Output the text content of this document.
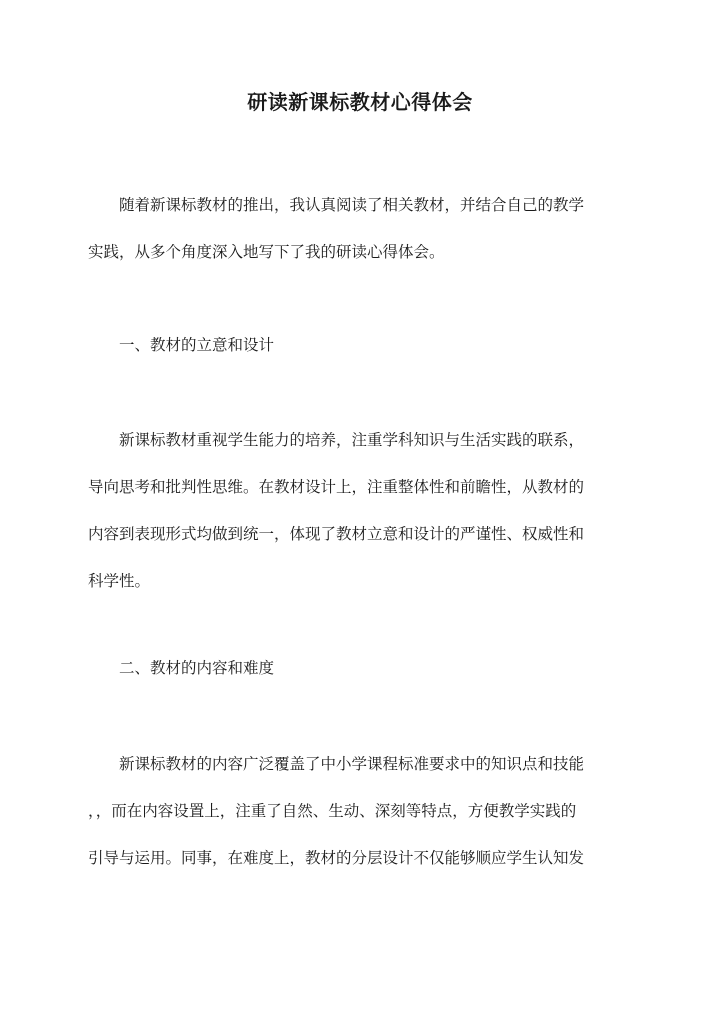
研读新课标教材心得体会
随着新课标教材的推出，我认真阅读了相关教材，并结合自己的教学
实践，从多个角度深入地写下了我的研读心得体会。
一、教材的立意和设计
新课标教材重视学生能力的培养，注重学科知识与生活实践的联系，
导向思考和批判性思维。在教材设计上，注重整体性和前瞻性，从教材的
内容到表现形式均做到统一，体现了教材立意和设计的严谨性、权威性和
科学性。
二、教材的内容和难度
新课标教材的内容广泛覆盖了中小学课程标准要求中的知识点和技能
，，而在内容设置上，注重了自然、生动、深刻等特点，方便教学实践的
引导与运用。同事，在难度上，教材的分层设计不仅能够顺应学生认知发
